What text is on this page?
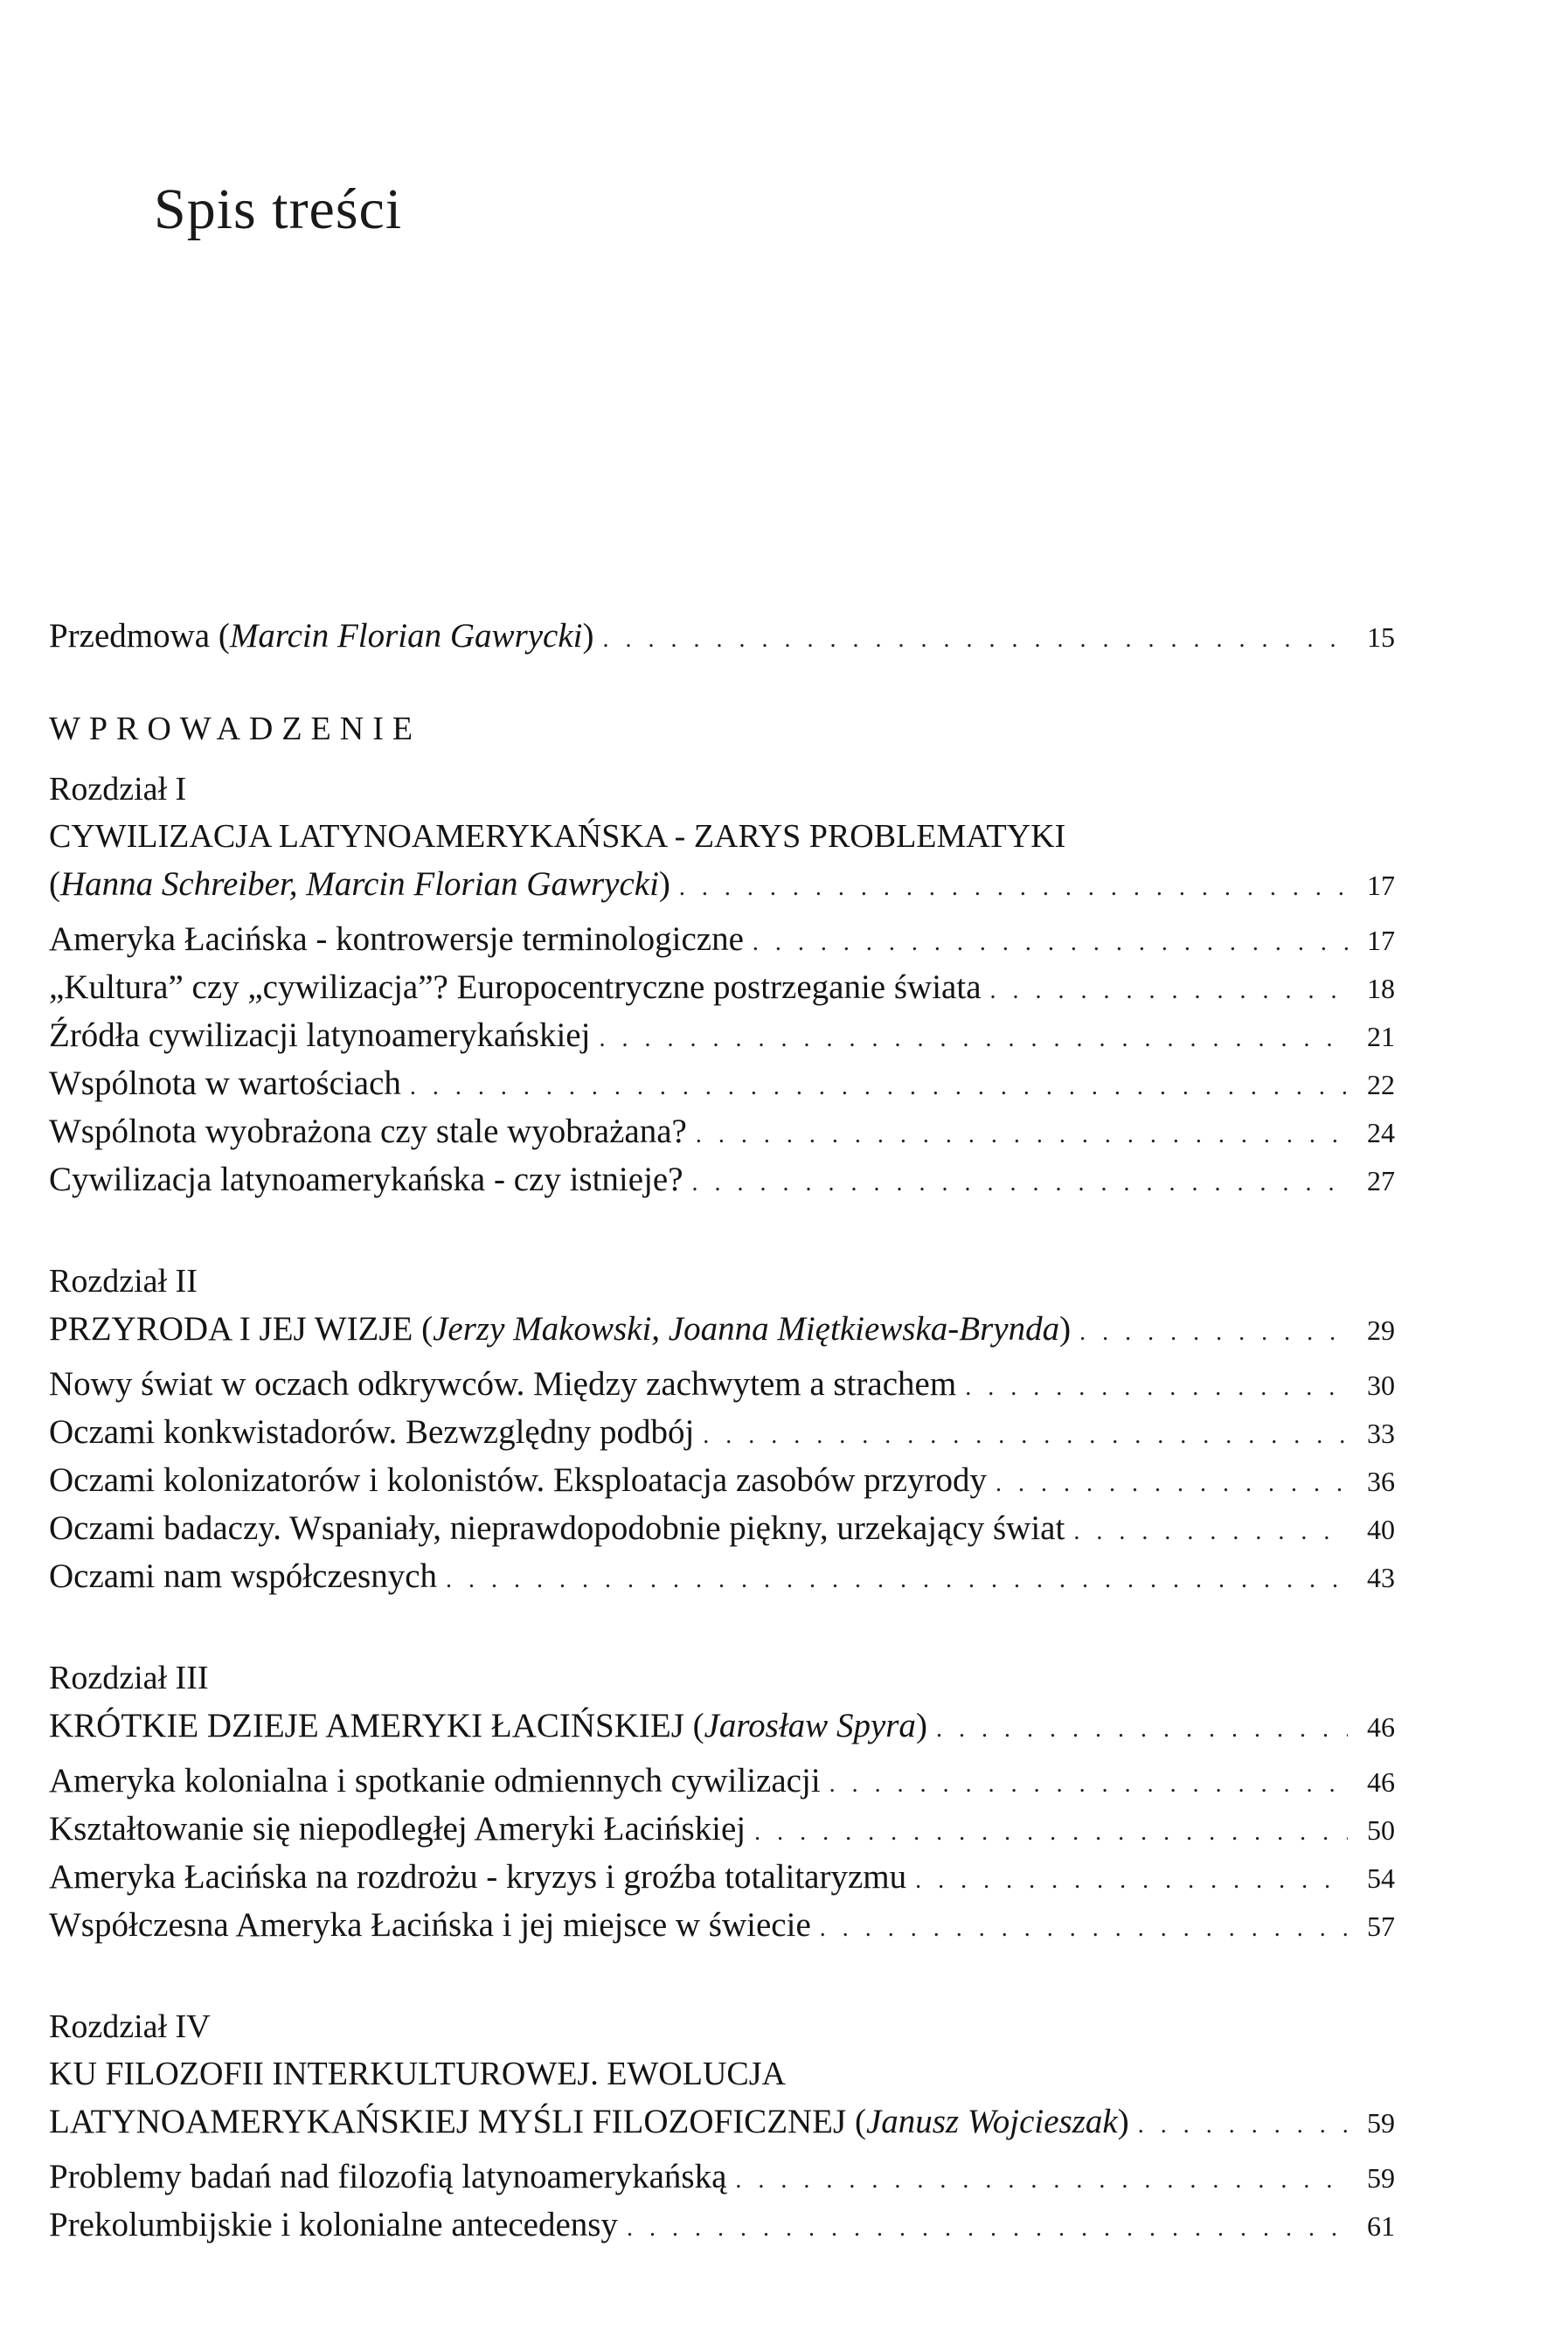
Spis treści
Przedmowa (Marcin Florian Gawrycki) . . .	15
WPROWADZENIE
Rozdział I
CYWILIZACJA LATYNOAMERYKAŃSKA - ZARYS PROBLEMATYKI
(Hanna Schreiber, Marcin Florian Gawrycki) . . .	17
Ameryka Łacińska - kontrowersje terminologiczne . . .	17
„Kultura” czy „cywilizacja”? Europocentryczne postrzeganie świata . . .	18
Źródła cywilizacji latynoamerykańskiej . . .	21
Wspólnota w wartościach . . .	22
Wspólnota wyobrażona czy stale wyobrażana? . . .	24
Cywilizacja latynoamerykańska - czy istnieje? . . .	27
Rozdział II
PRZYRODA I JEJ WIZJE (Jerzy Makowski, Joanna Miętkiewska-Brynda) . . .	29
Nowy świat w oczach odkrywców. Między zachwytem a strachem . . .	30
Oczami konkwistadorów. Bezwzględny podbój . . .	33
Oczami kolonizatorów i kolonistów. Eksploatacja zasobów przyrody . . .	36
Oczami badaczy. Wspaniały, nieprawdopodobnie piękny, urzekający świat . . .	40
Oczami nam współczesnych . . .	43
Rozdział III
KRÓTKIE DZIEJE AMERYKI ŁACIŃSKIEJ (Jarosław Spyra) . . .	46
Ameryka kolonialna i spotkanie odmiennych cywilizacji . . .	46
Kształtowanie się niepodległej Ameryki Łacińskiej . . .	50
Ameryka Łacińska na rozdrożu - kryzys i groźba totalitaryzmu . . .	54
Współczesna Ameryka Łacińska i jej miejsce w świecie . . .	57
Rozdział IV
KU FILOZOFII INTERKULTUROWEJ. EWOLUCJA
LATYNOAMERYKAŃSKIEJ MYŚLI FILOZOFICZNEJ (Janusz Wojcieszak) . . .	59
Problemy badań nad filozofią latynoamerykańską . . .	59
Prekolumbijskie i kolonialne antecedensy . . .	61
